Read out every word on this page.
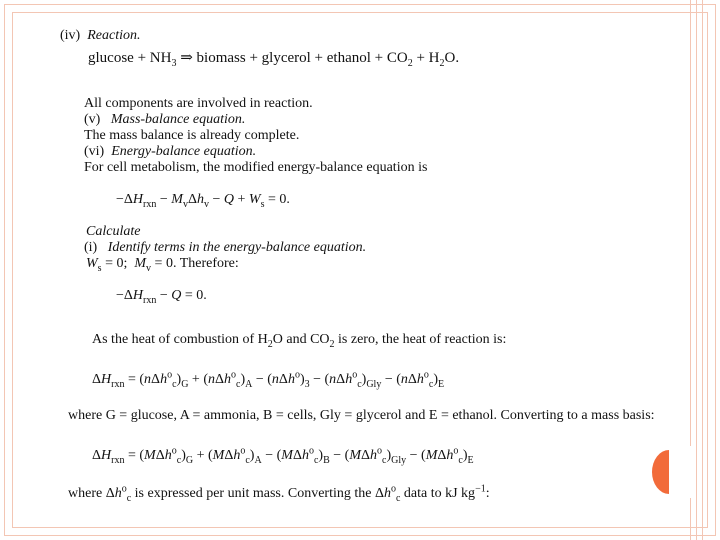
(iv) Reaction.
$glucose + NH_3$ ⇒ biomass + glycerol + ethanol + $CO_2 + H_2O$.
All components are involved in reaction.
(v) Mass-balance equation.
The mass balance is already complete.
(vi) Energy-balance equation.
For cell metabolism, the modified energy-balance equation is
$-\Delta H_{rxn} - M_v\Delta h_v - Q + W_s = 0$.
Calculate
(i) Identify terms in the energy-balance equation.
$W_s = 0$;  $M_v = 0$. Therefore:
$-\Delta H_{rxn} - Q = 0$.
As the heat of combustion of $H_2O$ and $CO_2$ is zero, the heat of reaction is:
$\Delta H_{rxn} = (n\Delta h^o_c)_G + (n\Delta h^o_c)_A - (n\Delta h^o)_3 - (n\Delta h^o_c)_{Gly} - (n\Delta h^o_c)_E$
where G = glucose, A = ammonia, B = cells, Gly = glycerol and E = ethanol. Converting to a mass basis:
$\Delta H_{rxn} = (M\Delta h^o_c)_G + (M\Delta h^o_c)_A - (M\Delta h^o_c)_B - (M\Delta h^o_c)_{Gly} - (M\Delta h^o_c)_E$
where $\Delta h^o_c$ is expressed per unit mass. Converting the $\Delta h^o_c$ data to kJ $kg^{-1}$:
